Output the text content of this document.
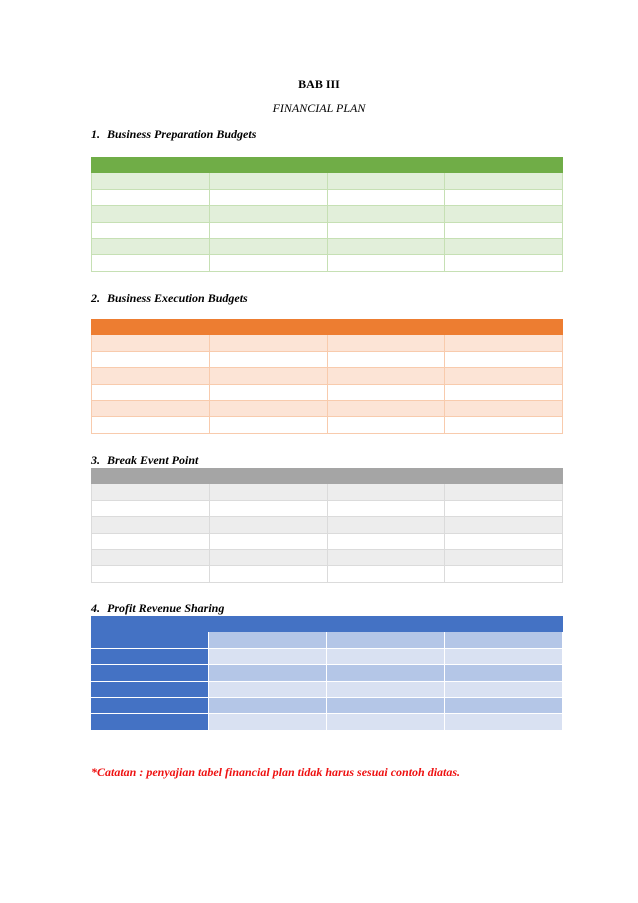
BAB III
FINANCIAL PLAN
1. Business Preparation Budgets

2. Business Execution Budgets

3. Break Event Point

4. Profit Revenue Sharing

*Catatan : penyajian tabel financial plan tidak harus sesuai contoh diatas.
